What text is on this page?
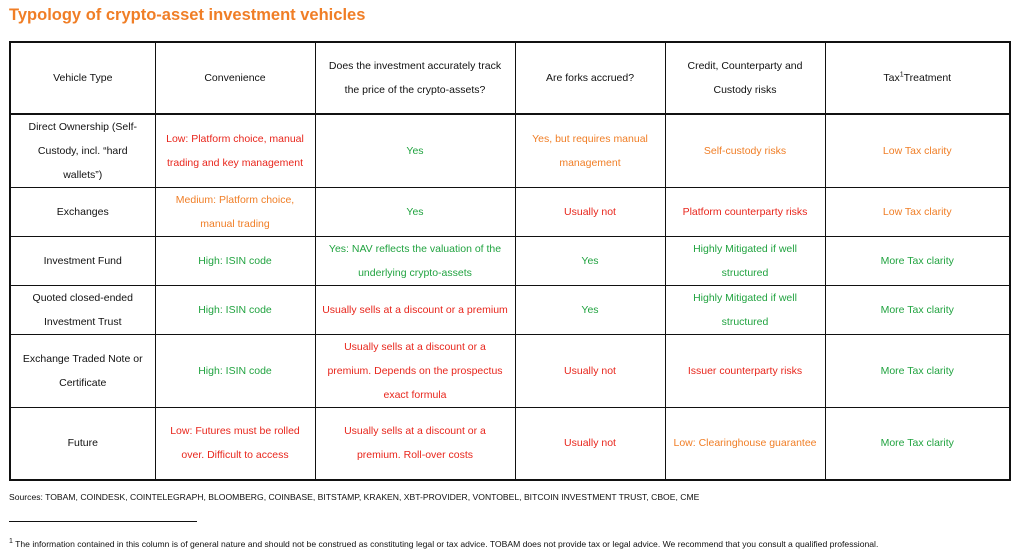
Typology of crypto-asset investment vehicles
Vehicle Type	Convenience	Does the investment accurately track the price of the crypto-assets?	Are forks accrued?	Credit, Counterparty and Custody risks	Tax$^1$Treatment
Direct Ownership (Self-Custody, incl. “hard wallets”)	Low: Platform choice, manual trading and key management	Yes	Yes, but requires manual management	Self-custody risks	Low Tax clarity
Exchanges	Medium: Platform choice, manual trading	Yes	Usually not	Platform counterparty risks	Low Tax clarity
Investment Fund	High: ISIN code	Yes: NAV reflects the valuation of the underlying crypto-assets	Yes	Highly Mitigated if well structured	More Tax clarity
Quoted closed-ended Investment Trust	High: ISIN code	Usually sells at a discount or a premium	Yes	Highly Mitigated if well structured	More Tax clarity
Exchange Traded Note or Certificate	High: ISIN code	Usually sells at a discount or a premium. Depends on the prospectus exact formula	Usually not	Issuer counterparty risks	More Tax clarity
Future	Low: Futures must be rolled over. Difficult to access	Usually sells at a discount or a premium. Roll-over costs	Usually not	Low: Clearinghouse guarantee	More Tax clarity
Sources: TOBAM, COINDESK, COINTELEGRAPH, BLOOMBERG, COINBASE, BITSTAMP, KRAKEN, XBT-PROVIDER, VONTOBEL, BITCOIN INVESTMENT TRUST, CBOE, CME
$^1$ The information contained in this column is of general nature and should not be construed as constituting legal or tax advice. TOBAM does not provide tax or legal advice. We recommend that you consult a qualified professional.
